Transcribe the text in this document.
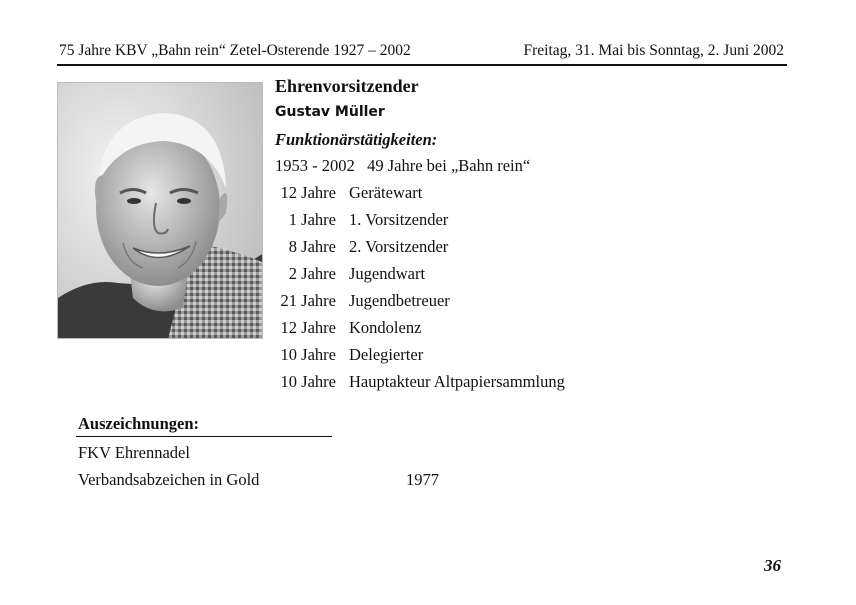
75 Jahre KBV „Bahn rein“ Zetel-Osterende 1927 – 2002	Freitag, 31. Mai bis Sonntag, 2. Juni 2002
Ehrenvorsitzender
Gustav Müller
Funktionärstätigkeiten:
1953 - 2002   49 Jahre bei „Bahn rein“
12 Jahre Gerätewart
1 Jahre 1. Vorsitzender
8 Jahre 2. Vorsitzender
2 Jahre Jugendwart
21 Jahre Jugendbetreuer
12 Jahre Kondolenz
10 Jahre Delegierter
10 Jahre Hauptakteur Altpapiersammlung
Auszeichnungen:
FKV Ehrennadel
Verbandsabzeichen in Gold	1977
36
